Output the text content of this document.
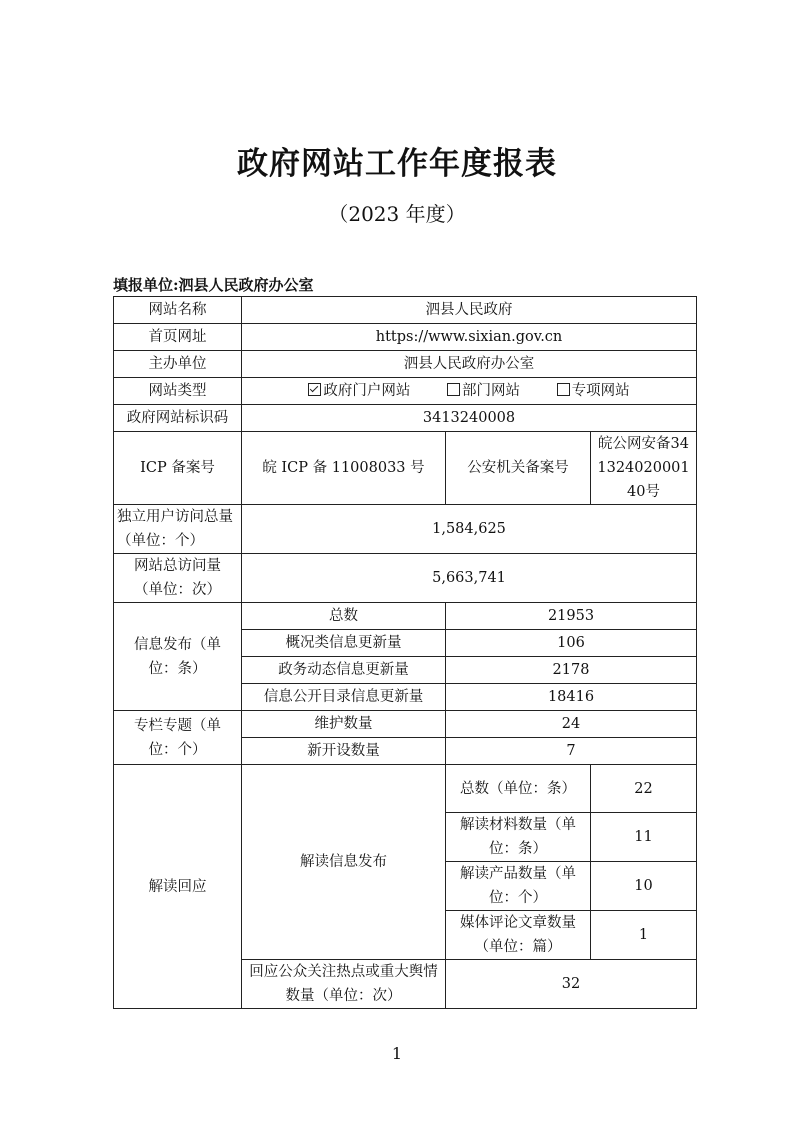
政府网站工作年度报表
（2023 年度）
填报单位:泗县人民政府办公室
网站名称	泗县人民政府		
首页网址	https://www.sixian.gov.cn		
主办单位	泗县人民政府办公室		
网站类型	政府门户网站 部门网站 专项网站		
政府网站标识码	3413240008		
ICP 备案号	皖 ICP 备 11008033 号	公安机关备案号	皖公网安备34132402000140号
独立用户访问总量（单位：个）	1,584,625		
网站总访问量（单位：次）	5,663,741		
信息发布（单位：条）	总数	21953	
	概况类信息更新量	106	
	政务动态信息更新量	2178	
	信息公开目录信息更新量	18416	
专栏专题（单位：个）	维护数量	24	
	新开设数量	7	
解读回应	解读信息发布	总数（单位：条）	22
		解读材料数量（单位：条）	11
		解读产品数量（单位：个）	10
		媒体评论文章数量（单位：篇）	1
	回应公众关注热点或重大舆情数量（单位：次）	32	
1
